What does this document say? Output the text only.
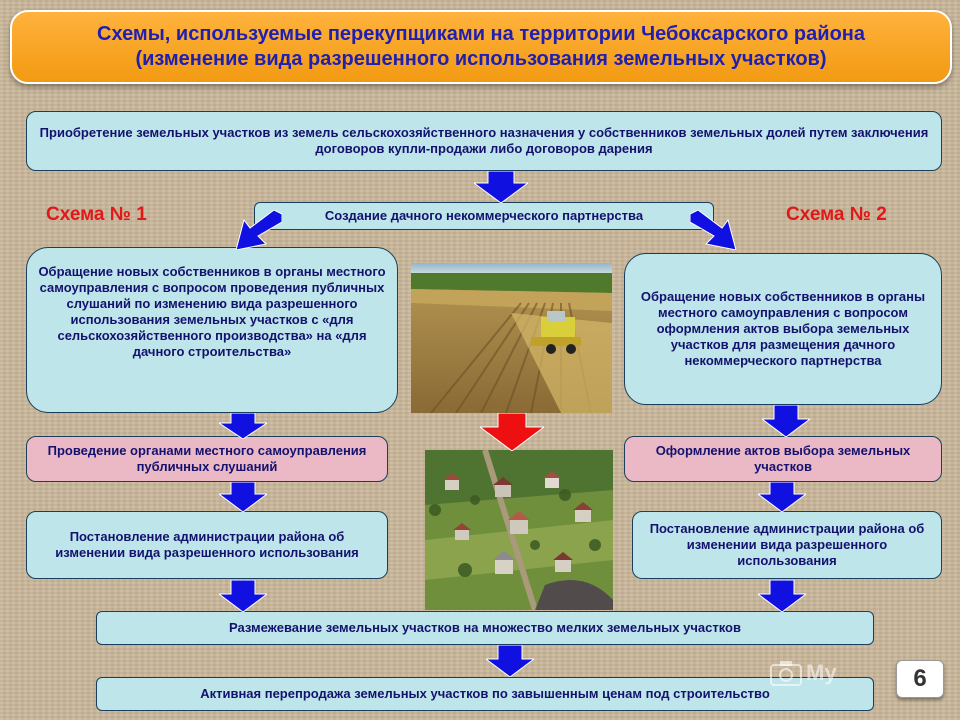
Схемы, используемые перекупщиками на территории Чебоксарского района
(изменение вида разрешенного использования земельных участков)
Приобретение земельных участков из земель сельскохозяйственного назначения у собственников земельных долей путем заключения договоров купли-продажи либо договоров дарения
Схема № 1	Схема № 2
Создание дачного некоммерческого партнерства
Обращение новых собственников в органы местного самоуправления с вопросом проведения публичных слушаний по изменению вида разрешенного использования земельных участков с «для сельскохозяйственного производства» на «для дачного строительства»
Проведение органами местного самоуправления публичных слушаний
Постановление администрации района об изменении вида разрешенного использования
Обращение новых собственников в органы местного самоуправления с вопросом оформления актов выбора земельных участков для размещения дачного некоммерческого партнерства
Оформление актов выбора земельных участков
Постановление администрации района об изменении вида разрешенного использования
Размежевание земельных участков на множество мелких земельных участков
Активная перепродажа земельных участков по завышенным ценам под строительство
My	6
